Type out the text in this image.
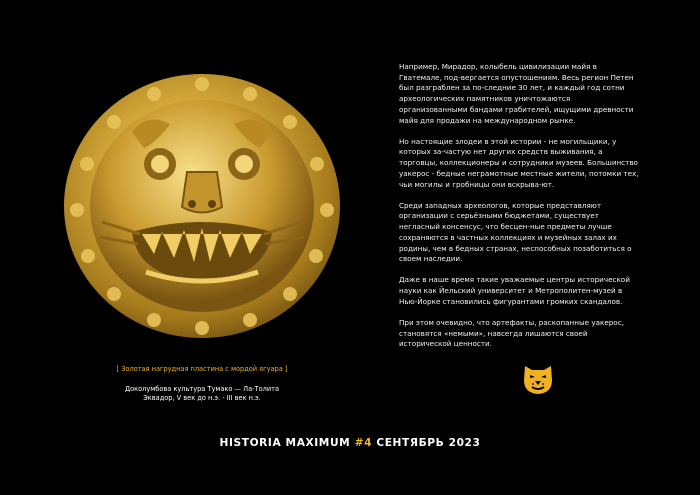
[ Золотая нагрудная пластина с мордой ягуара ]
Доколумбова культура Тумако — Ла-Толита
Эквадор, V век до н.э. - III век н.э.

Например, Мирадор, колыбель цивилизации майя в Гватемале, под-вергается опустошениям. Весь регион Петен был разграблен за по-следние 30 лет, и каждый год сотни археологических памятников уничтожаются организованными бандами грабителей, ищущими древности майя для продажи на международном рынке.

Но настоящие злодеи в этой истории - не могильщики, у которых за-частую нет других средств выживания, а торговцы, коллекционеры и сотрудники музеев. Большинство уакерос - бедные неграмотные местные жители, потомки тех, чьи могилы и гробницы они вскрыва-ют.

Среди западных археологов, которые представляют организации с серьёзными бюджетами, существует негласный консенсус, что бесцен-ные предметы лучше сохраняются в частных коллекциях и музейных залах их родины, чем в бедных странах, неспособных позаботиться о своем наследии.

Даже в наше время такие уважаемые центры исторической науки как Йельский университет и Метрополитен-музей в Нью-Йорке становились фигурантами громких скандалов.

При этом очевидно, что артефакты, раскопанные уакерос, становятся «немыми», навсегда лишаются своей исторической ценности.

HISTORIA MAXIMUM #4 СЕНТЯБРЬ 2023
